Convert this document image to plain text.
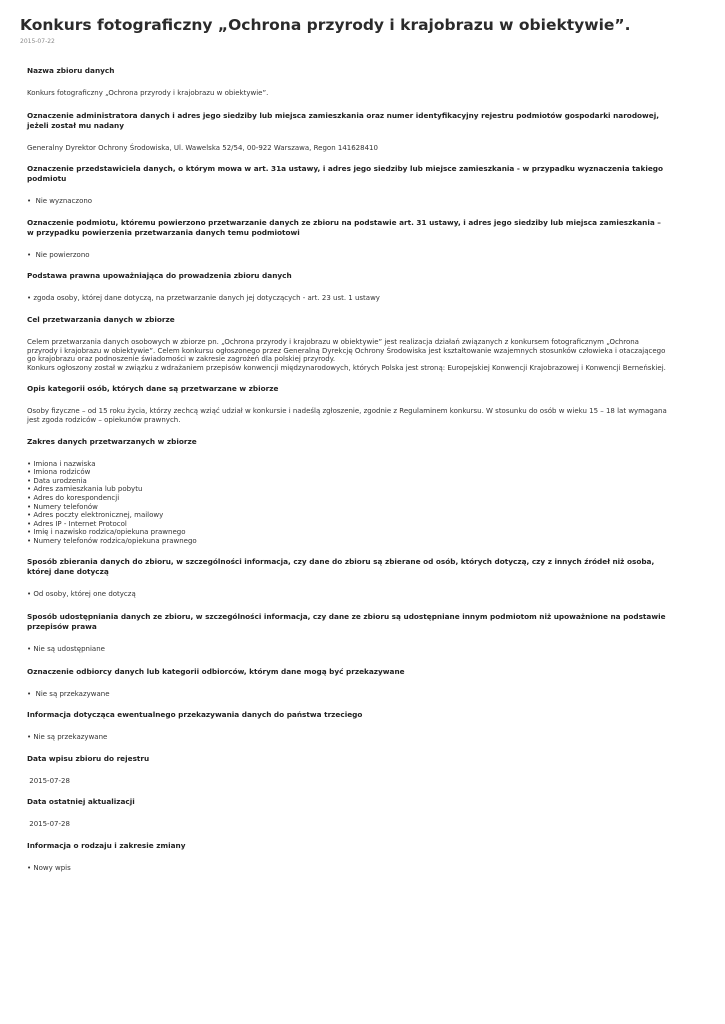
Konkurs fotograficzny „Ochrona przyrody i krajobrazu w obiektywie”.
2015-07-22
Nazwa zbioru danych

Konkurs fotograficzny „Ochrona przyrody i krajobrazu w obiektywie”.

Oznaczenie administratora danych i adres jego siedziby lub miejsca zamieszkania oraz numer identyfikacyjny rejestru podmiotów gospodarki narodowej, jeżeli został mu nadany

Generalny Dyrektor Ochrony Środowiska, Ul. Wawelska 52/54, 00-922 Warszawa, Regon 141628410

Oznaczenie przedstawiciela danych, o którym mowa w art. 31a ustawy, i adres jego siedziby lub miejsce zamieszkania - w przypadku wyznaczenia takiego podmiotu

•  Nie wyznaczono

Oznaczenie podmiotu, któremu powierzono przetwarzanie danych ze zbioru na podstawie art. 31 ustawy, i adres jego siedziby lub miejsca zamieszkania – w przypadku powierzenia przetwarzania danych temu podmiotowi

•  Nie powierzono

Podstawa prawna upoważniająca do prowadzenia zbioru danych

• zgoda osoby, której dane dotyczą, na przetwarzanie danych jej dotyczących - art. 23 ust. 1 ustawy

Cel przetwarzania danych w zbiorze

Celem przetwarzania danych osobowych w zbiorze pn. „Ochrona przyrody i krajobrazu w obiektywie” jest realizacja działań związanych z konkursem fotograficznym „Ochrona przyrody i krajobrazu w obiektywie”. Celem konkursu ogłoszonego przez Generalną Dyrekcję Ochrony Środowiska jest kształtowanie wzajemnych stosunków człowieka i otaczającego go krajobrazu oraz podnoszenie świadomości w zakresie zagrożeń dla polskiej przyrody.

Konkurs ogłoszony został w związku z wdrażaniem przepisów konwencji międzynarodowych, których Polska jest stroną: Europejskiej Konwencji Krajobrazowej i Konwencji Berneńskiej.

Opis kategorii osób, których dane są przetwarzane w zbiorze

Osoby fizyczne – od 15 roku życia, którzy zechcą wziąć udział w konkursie i nadeślą zgłoszenie, zgodnie z Regulaminem konkursu. W stosunku do osób w wieku 15 – 18 lat wymagana jest zgoda rodziców – opiekunów prawnych.

Zakres danych przetwarzanych w zbiorze
• Imiona i nazwiska
• Imiona rodziców
• Data urodzenia
• Adres zamieszkania lub pobytu
• Adres do korespondencji
• Numery telefonów
• Adres poczty elektronicznej, mailowy
• Adres IP - Internet Protocol
• Imię i nazwisko rodzica/opiekuna prawnego
• Numery telefonów rodzica/opiekuna prawnego
Sposób zbierania danych do zbioru, w szczególności informacja, czy dane do zbioru są zbierane od osób, których dotyczą, czy z innych źródeł niż osoba, której dane dotyczą

• Od osoby, której one dotyczą

Sposób udostępniania danych ze zbioru, w szczególności informacja, czy dane ze zbioru są udostępniane innym podmiotom niż upoważnione na podstawie przepisów prawa

• Nie są udostępniane

Oznaczenie odbiorcy danych lub kategorii odbiorców, którym dane mogą być przekazywane

•  Nie są przekazywane

Informacja dotycząca ewentualnego przekazywania danych do państwa trzeciego

• Nie są przekazywane

Data wpisu zbioru do rejestru

2015-07-28

Data ostatniej aktualizacji

2015-07-28

Informacja o rodzaju i zakresie zmiany

• Nowy wpis
